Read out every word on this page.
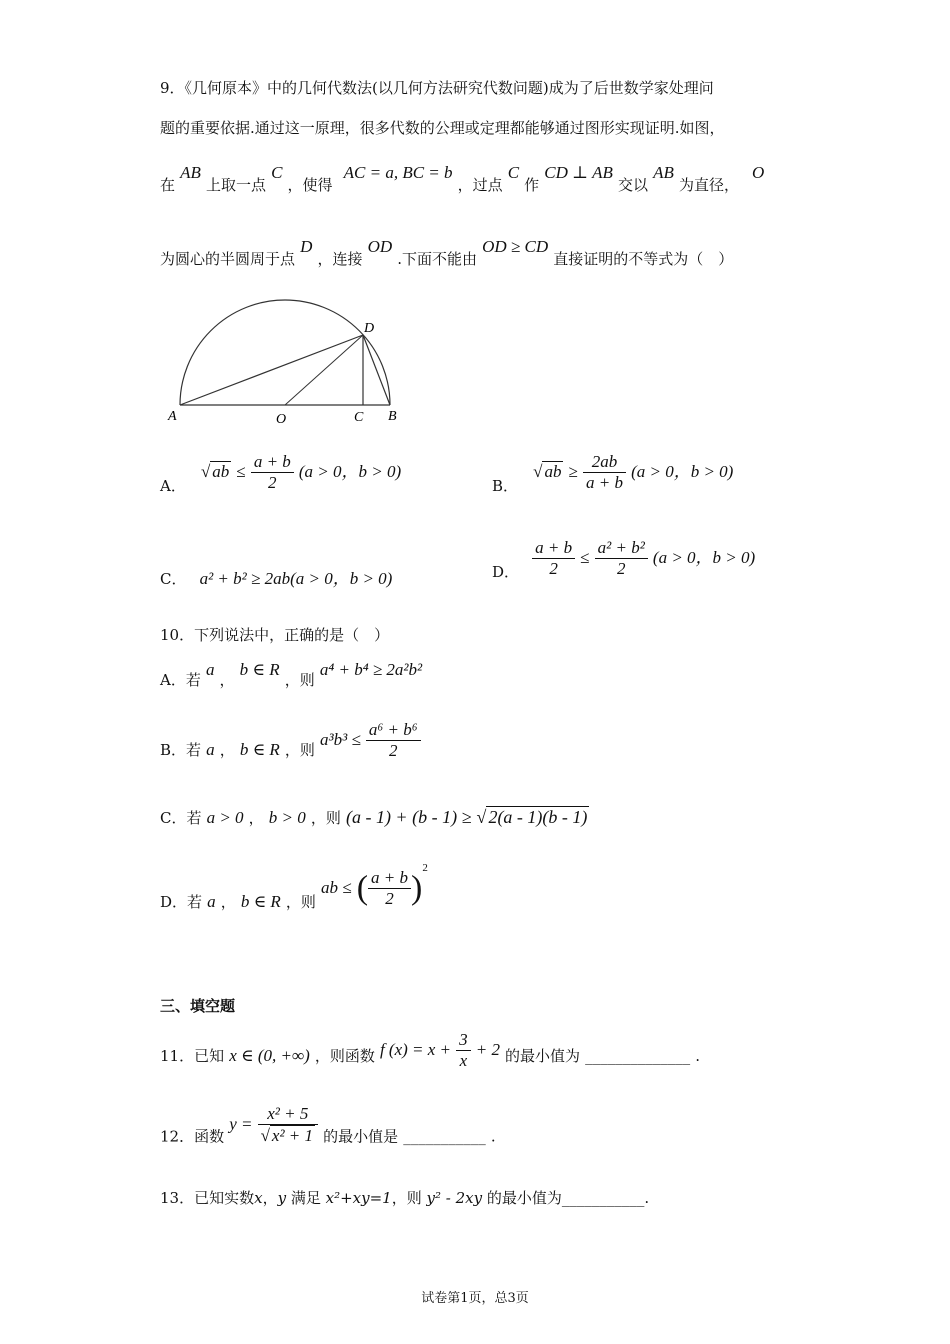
9．《几何原本》中的几何代数法(以几何方法研究代数问题)成为了后世数学家处理问
题的重要依据.通过这一原理，很多代数的公理或定理都能够通过图形实现证明.如图，
在 AB 上取一点 C ，使得 AC = a, BC = b ，过点 C 作 CD ⊥ AB 交以 AB 为直径， O
为圆心的半圆周于点 D ，连接 OD .下面不能由 OD ≥ CD 直接证明的不等式为（　）
A	O	C B
D
A． √ ab ≤ $\frac{a + b}{2} (a > 0$，b > 0)
B． √ ab ≥ $\frac{2ab}{a + b} (a > 0$，b > 0)
C． a² + b² ≥ 2ab(a > 0，b > 0)	D． $\frac{a + b}{2} \le \frac{\text{a² + b²}}{2} (a > 0$，b > 0)
10．下列说法中，正确的是（　）
A．若 a ， b ∈ R ，则 a⁴ + b⁴ ≥ 2a²b²
B．若 a ， b ∈ R ，则 $a^3b^3 \le \frac{\text{a⁶ + b⁶}}{2}$
C．若 a > 0 ， b > 0 ，则 (a - 1) + (b - 1) ≥ √ 2(a - 1)(b - 1)
D．若 a ， b ∈ R ，则 ab ≤ ( $\frac{a + b}{2} )^2$
三、填空题
11．已知 x ∈ (0, +∞) ，则函数 f $(x) = x + \frac{3}{x} + 2$ 的最小值为 ______________ .
12．函数 $y = \frac{\text{x² + 5}}{\text{√ x² + 1}}$ 的最小值是 ___________ .
13．已知实数x，y 满足 x²+xy=1，则 y² - 2xy 的最小值为___________.
试卷第1页，总3页
